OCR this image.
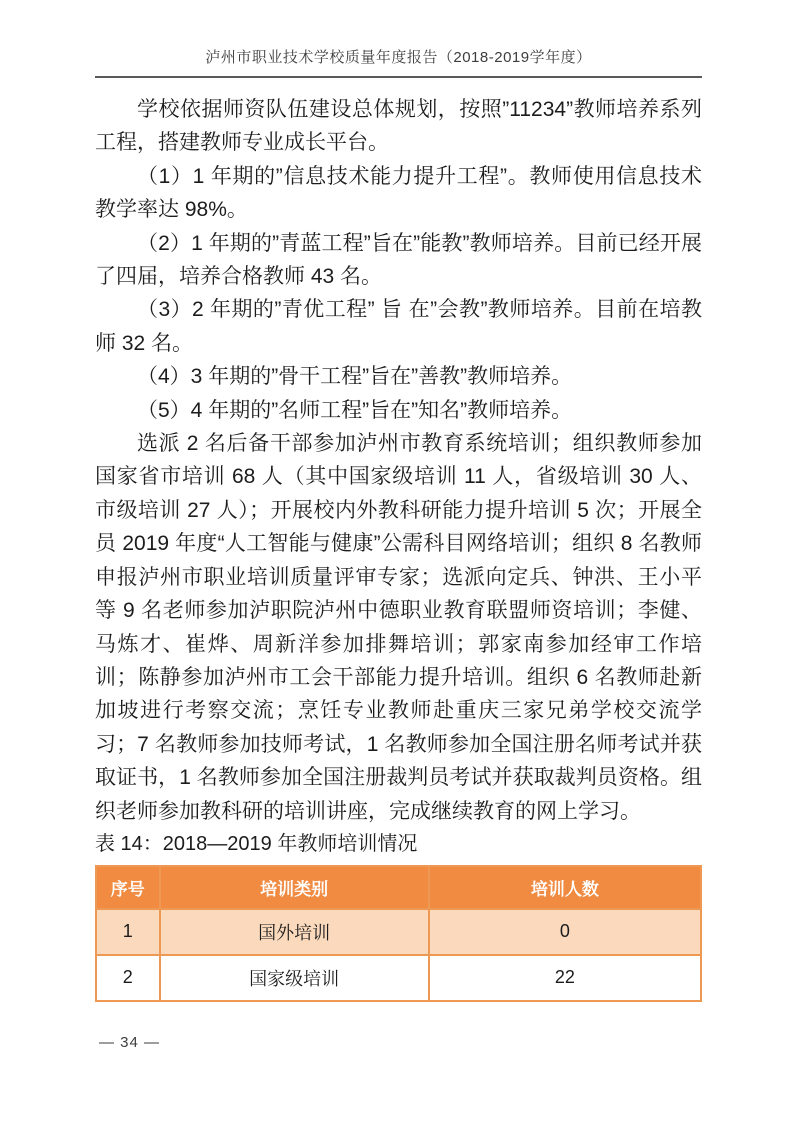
泸州市职业技术学校质量年度报告（2018-2019学年度）

学校依据师资队伍建设总体规划，按照”11234”教师培养系列工程，搭建教师专业成长平台。

（1）1 年期的”信息技术能力提升工程”。教师使用信息技术教学率达 98%。

（2）1 年期的”青蓝工程”旨在”能教”教师培养。目前已经开展了四届，培养合格教师 43 名。

（3）2 年期的”青优工程” 旨 在”会教”教师培养。目前在培教师 32 名。

（4）3 年期的”骨干工程”旨在”善教”教师培养。

（5）4 年期的”名师工程”旨在”知名”教师培养。

选派 2 名后备干部参加泸州市教育系统培训；组织教师参加国家省市培训 68 人（其中国家级培训 11 人，省级培训 30 人、市级培训 27 人）；开展校内外教科研能力提升培训 5 次；开展全员 2019 年度“人工智能与健康”公需科目网络培训；组织 8 名教师申报泸州市职业培训质量评审专家；选派向定兵、钟洪、王小平等 9 名老师参加泸职院泸州中德职业教育联盟师资培训；李健、马炼才、崔烨、周新洋参加排舞培训；郭家南参加经审工作培训；陈静参加泸州市工会干部能力提升培训。组织 6 名教师赴新加坡进行考察交流；烹饪专业教师赴重庆三家兄弟学校交流学习；7 名教师参加技师考试，1 名教师参加全国注册名师考试并获取证书，1 名教师参加全国注册裁判员考试并获取裁判员资格。组织老师参加教科研的培训讲座，完成继续教育的网上学习。

表 14：2018—2019 年教师培训情况

序号	培训类别	培训人数
1	国外培训	0
2	国家级培训	22
— 34 —
